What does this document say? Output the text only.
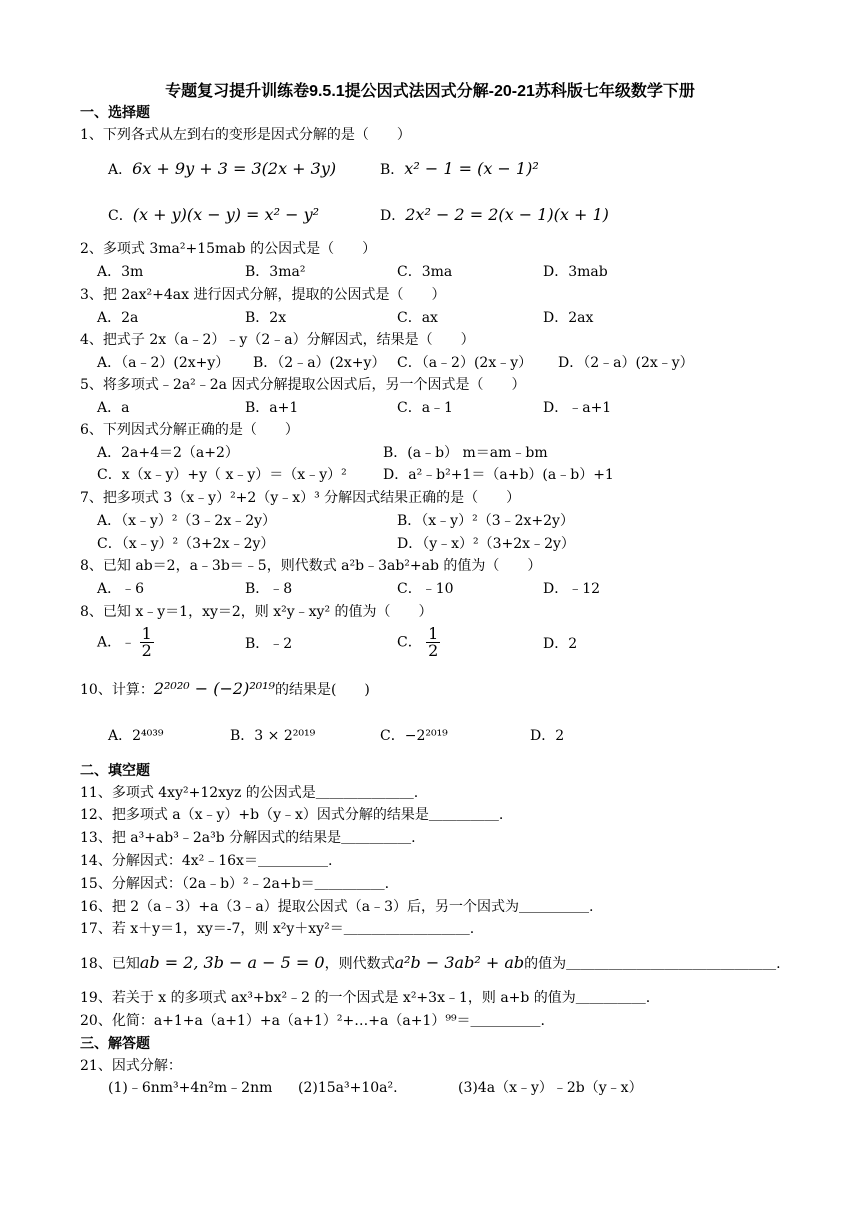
专题复习提升训练卷9.5.1提公因式法因式分解-20-21苏科版七年级数学下册
一、选择题
1、下列各式从左到右的变形是因式分解的是（　　）
A．6x + 9y + 3 = 3(2x + 3y)	B．x² − 1 = (x − 1)²
C．(x + y)(x − y) = x² − y²	D．2x² − 2 = 2(x − 1)(x + 1)
2、多项式 3ma²+15mab 的公因式是（　　）
A．3m	B．3ma²	C．3ma	D．3mab
3、把 2ax²+4ax 进行因式分解，提取的公因式是（　　）
A．2a	B．2x	C．ax	D．2ax
4、把式子 2x（a﹣2）﹣y（2﹣a）分解因式，结果是（　　）
A．（a﹣2）(2x+y） B．（2﹣a）(2x+y） C．（a﹣2）(2x﹣y） D．（2﹣a）(2x﹣y）
5、将多项式﹣2a²﹣2a 因式分解提取公因式后，另一个因式是（　　）
A．a	B．a+1	C．a﹣1	D．﹣a+1
6、下列因式分解正确的是（　　）
A．2a+4＝2（a+2）	B．(a﹣b） m＝am﹣bm
C．x（x﹣y）+y（ x﹣y）＝（x﹣y）²	D．a²﹣b²+1＝（a+b）(a﹣b）+1
7、把多项式 3（x﹣y）²+2（y﹣x）³ 分解因式结果正确的是（　　）
A．（x﹣y）²（3﹣2x﹣2y）	B．（x﹣y）²（3﹣2x+2y）
C．（x﹣y）²（3+2x﹣2y）	D．（y﹣x）²（3+2x﹣2y）
8、已知 ab＝2，a﹣3b＝﹣5，则代数式 a²b﹣3ab²+ab 的值为（　　）
A．﹣6	B．﹣8	C．﹣10	D．﹣12
8、已知 x﹣y＝1，xy＝2，则 x²y﹣xy² 的值为（　　）
A．﹣ $\frac{1}{2}$	B．﹣2	C． $\frac{1}{2}$	D．2
10、计算：2²⁰²⁰ − (−2)²⁰¹⁹的结果是(　　)
A．2⁴⁰³⁹	B．3 × 2²⁰¹⁹	C．−2²⁰¹⁹	D．2
二、填空题
11、多项式 4xy²+12xyz 的公因式是＿＿＿＿＿＿＿.
12、把多项式 a（x﹣y）+b（y﹣x）因式分解的结果是＿＿＿＿＿.
13、把 a³+ab³﹣2a³b 分解因式的结果是＿＿＿＿＿.
14、分解因式：4x²﹣16x＝＿＿＿＿＿.
15、分解因式：（2a﹣b）²﹣2a+b＝＿＿＿＿＿.
16、把 2（a﹣3）+a（3﹣a）提取公因式（a﹣3）后，另一个因式为＿＿＿＿＿.
17、若 x＋y＝1，xy＝-7，则 x²y＋xy²＝＿＿＿＿＿＿＿＿＿.
18、已知ab = 2, 3b − a − 5 = 0，则代数式a²b − 3ab² + ab的值为＿＿＿＿＿＿＿＿＿＿＿＿＿＿＿.
19、若关于 x 的多项式 ax³+bx²﹣2 的一个因式是 x²+3x﹣1，则 a+b 的值为＿＿＿＿＿.
20、化简：a+1+a（a+1）+a（a+1）²+…+a（a+1）⁹⁹＝＿＿＿＿＿.
三、解答题
21、因式分解：
(1)﹣6nm³+4n²m﹣2nm (2)15a³+10a².	(3)4a（x﹣y）﹣2b（y﹣x）
